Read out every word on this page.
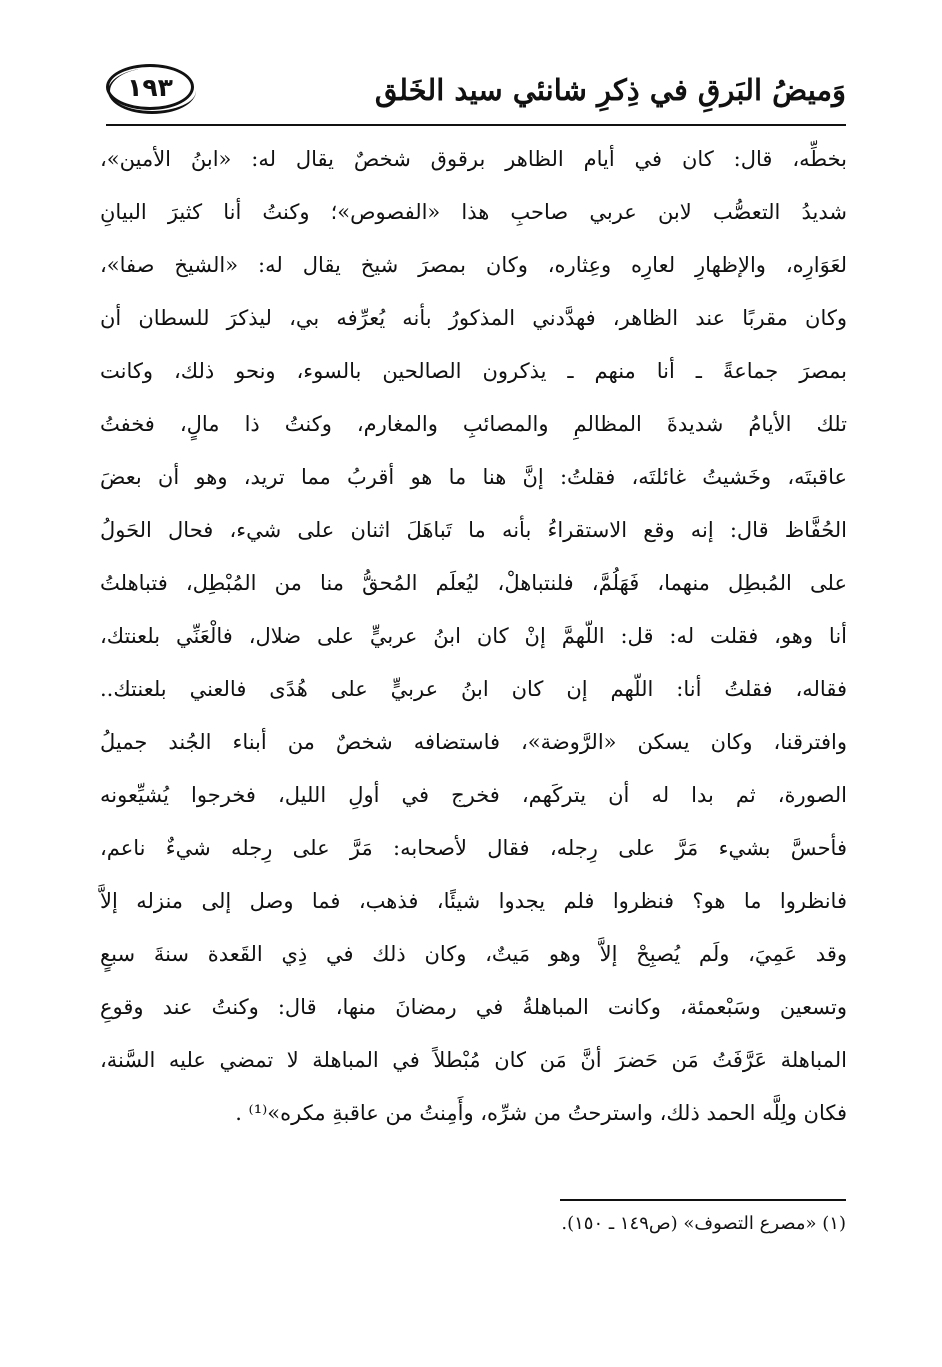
وَميضُ البَرقِ في ذِكرِ شانئي سيد الخَلق
١٩٣
بخطِّه، قال: كان في أيام الظاهر برقوق شخصٌ يقال له: «ابنُ الأمين»،
شديدُ التعصُّب لابن عربي صاحبِ هذا «الفصوص»؛ وكنتُ أنا كثيرَ البيانِ
لعَوَارِه، والإظهارِ لعارِه وعِثاره، وكان بمصرَ شيخ يقال له: «الشيخ صفا»،
وكان مقربًا عند الظاهر، فهدَّدني المذكورُ بأنه يُعرِّفه بي، ليذكرَ للسطان أن
بمصرَ جماعةً ـ أنا منهم ـ يذكرون الصالحين بالسوء، ونحو ذلك، وكانت
تلك الأيامُ شديدةَ المظالمِ والمصائبِ والمغارم، وكنتُ ذا مالٍ، فخفتُ
عاقبتَه، وخَشيتُ غائلتَه، فقلتُ: إنَّ هنا ما هو أقربُ مما تريد، وهو أن بعضَ
الحُفَّاظ قال: إنه وقع الاستقراءُ بأنه ما تَباهَلَ اثنان على شيء، فحال الحَولُ
على المُبطِل منهما، فَهَلُمَّ، فلنتباهلْ، ليُعلَم المُحقُّ منا من المُبْطِل، فتباهلتُ
أنا وهو، فقلت له: قل: اللّهمَّ إنْ كان ابنُ عربيٍّ على ضلال، فالْعَنِّي بلعنتك،
فقاله، فقلتُ أنا: اللّهم إن كان ابنُ عربيٍّ على هُدًى فالعني بلعنتك..
وافترقنا، وكان يسكن «الرَّوضة»، فاستضافه شخصٌ من أبناء الجُند جميلُ
الصورة، ثم بدا له أن يتركَهم، فخرج في أولِ الليل، فخرجوا يُشيِّعونه
فأحسَّ بشيء مَرَّ على رِجله، فقال لأصحابه: مَرَّ على رِجله شيءٌ ناعم،
فانظروا ما هو؟ فنظروا فلم يجدوا شيئًا، فذهب، فما وصل إلى منزله إلاَّ
وقد عَمِيَ، ولَم يُصبِحْ إلاَّ وهو مَيتٌ، وكان ذلك في ذِي القَعدة سنةَ سبعٍ
وتسعين وسَبْعمئة، وكانت المباهلةُ في رمضانَ منها، قال: وكنتُ عند وقوعِ
المباهلة عَرَّفَتُ مَن حَضرَ أنَّ مَن كان مُبْطلاً في المباهلة لا تمضي عليه السَّنة،
فكان ولِلَّه الحمد ذلك، واسترحتُ من شرِّه، وأَمِنتُ من عاقبةِ مكره»⁽¹⁾ .
(١) «مصرع التصوف» (ص١٤٩ ـ ١٥٠).
